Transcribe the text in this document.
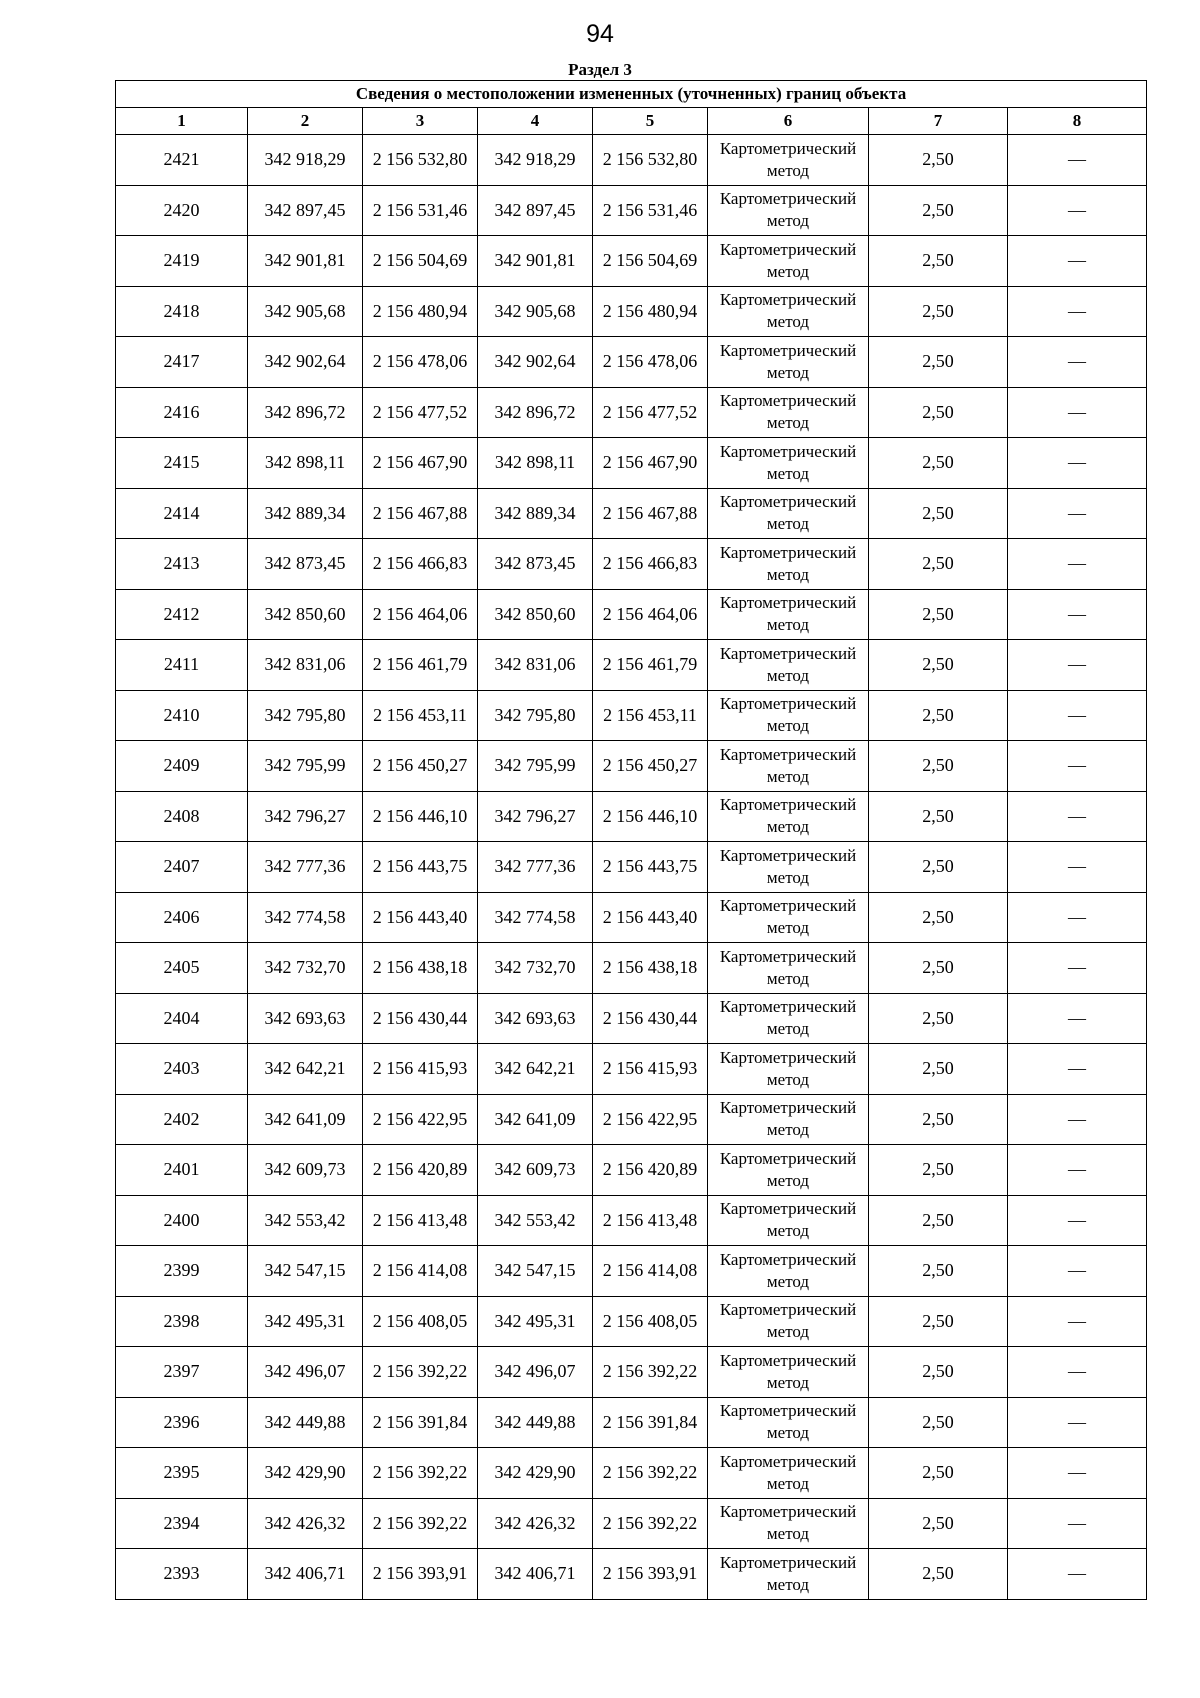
94
Раздел 3
Сведения о местоположении измененных (уточненных) границ объекта							
1	2	3	4	5	6	7	8
2421	342 918,29	2 156 532,80	342 918,29	2 156 532,80	Картометрический метод	2,50	—
2420	342 897,45	2 156 531,46	342 897,45	2 156 531,46	Картометрический метод	2,50	—
2419	342 901,81	2 156 504,69	342 901,81	2 156 504,69	Картометрический метод	2,50	—
2418	342 905,68	2 156 480,94	342 905,68	2 156 480,94	Картометрический метод	2,50	—
2417	342 902,64	2 156 478,06	342 902,64	2 156 478,06	Картометрический метод	2,50	—
2416	342 896,72	2 156 477,52	342 896,72	2 156 477,52	Картометрический метод	2,50	—
2415	342 898,11	2 156 467,90	342 898,11	2 156 467,90	Картометрический метод	2,50	—
2414	342 889,34	2 156 467,88	342 889,34	2 156 467,88	Картометрический метод	2,50	—
2413	342 873,45	2 156 466,83	342 873,45	2 156 466,83	Картометрический метод	2,50	—
2412	342 850,60	2 156 464,06	342 850,60	2 156 464,06	Картометрический метод	2,50	—
2411	342 831,06	2 156 461,79	342 831,06	2 156 461,79	Картометрический метод	2,50	—
2410	342 795,80	2 156 453,11	342 795,80	2 156 453,11	Картометрический метод	2,50	—
2409	342 795,99	2 156 450,27	342 795,99	2 156 450,27	Картометрический метод	2,50	—
2408	342 796,27	2 156 446,10	342 796,27	2 156 446,10	Картометрический метод	2,50	—
2407	342 777,36	2 156 443,75	342 777,36	2 156 443,75	Картометрический метод	2,50	—
2406	342 774,58	2 156 443,40	342 774,58	2 156 443,40	Картометрический метод	2,50	—
2405	342 732,70	2 156 438,18	342 732,70	2 156 438,18	Картометрический метод	2,50	—
2404	342 693,63	2 156 430,44	342 693,63	2 156 430,44	Картометрический метод	2,50	—
2403	342 642,21	2 156 415,93	342 642,21	2 156 415,93	Картометрический метод	2,50	—
2402	342 641,09	2 156 422,95	342 641,09	2 156 422,95	Картометрический метод	2,50	—
2401	342 609,73	2 156 420,89	342 609,73	2 156 420,89	Картометрический метод	2,50	—
2400	342 553,42	2 156 413,48	342 553,42	2 156 413,48	Картометрический метод	2,50	—
2399	342 547,15	2 156 414,08	342 547,15	2 156 414,08	Картометрический метод	2,50	—
2398	342 495,31	2 156 408,05	342 495,31	2 156 408,05	Картометрический метод	2,50	—
2397	342 496,07	2 156 392,22	342 496,07	2 156 392,22	Картометрический метод	2,50	—
2396	342 449,88	2 156 391,84	342 449,88	2 156 391,84	Картометрический метод	2,50	—
2395	342 429,90	2 156 392,22	342 429,90	2 156 392,22	Картометрический метод	2,50	—
2394	342 426,32	2 156 392,22	342 426,32	2 156 392,22	Картометрический метод	2,50	—
2393	342 406,71	2 156 393,91	342 406,71	2 156 393,91	Картометрический метод	2,50	—
